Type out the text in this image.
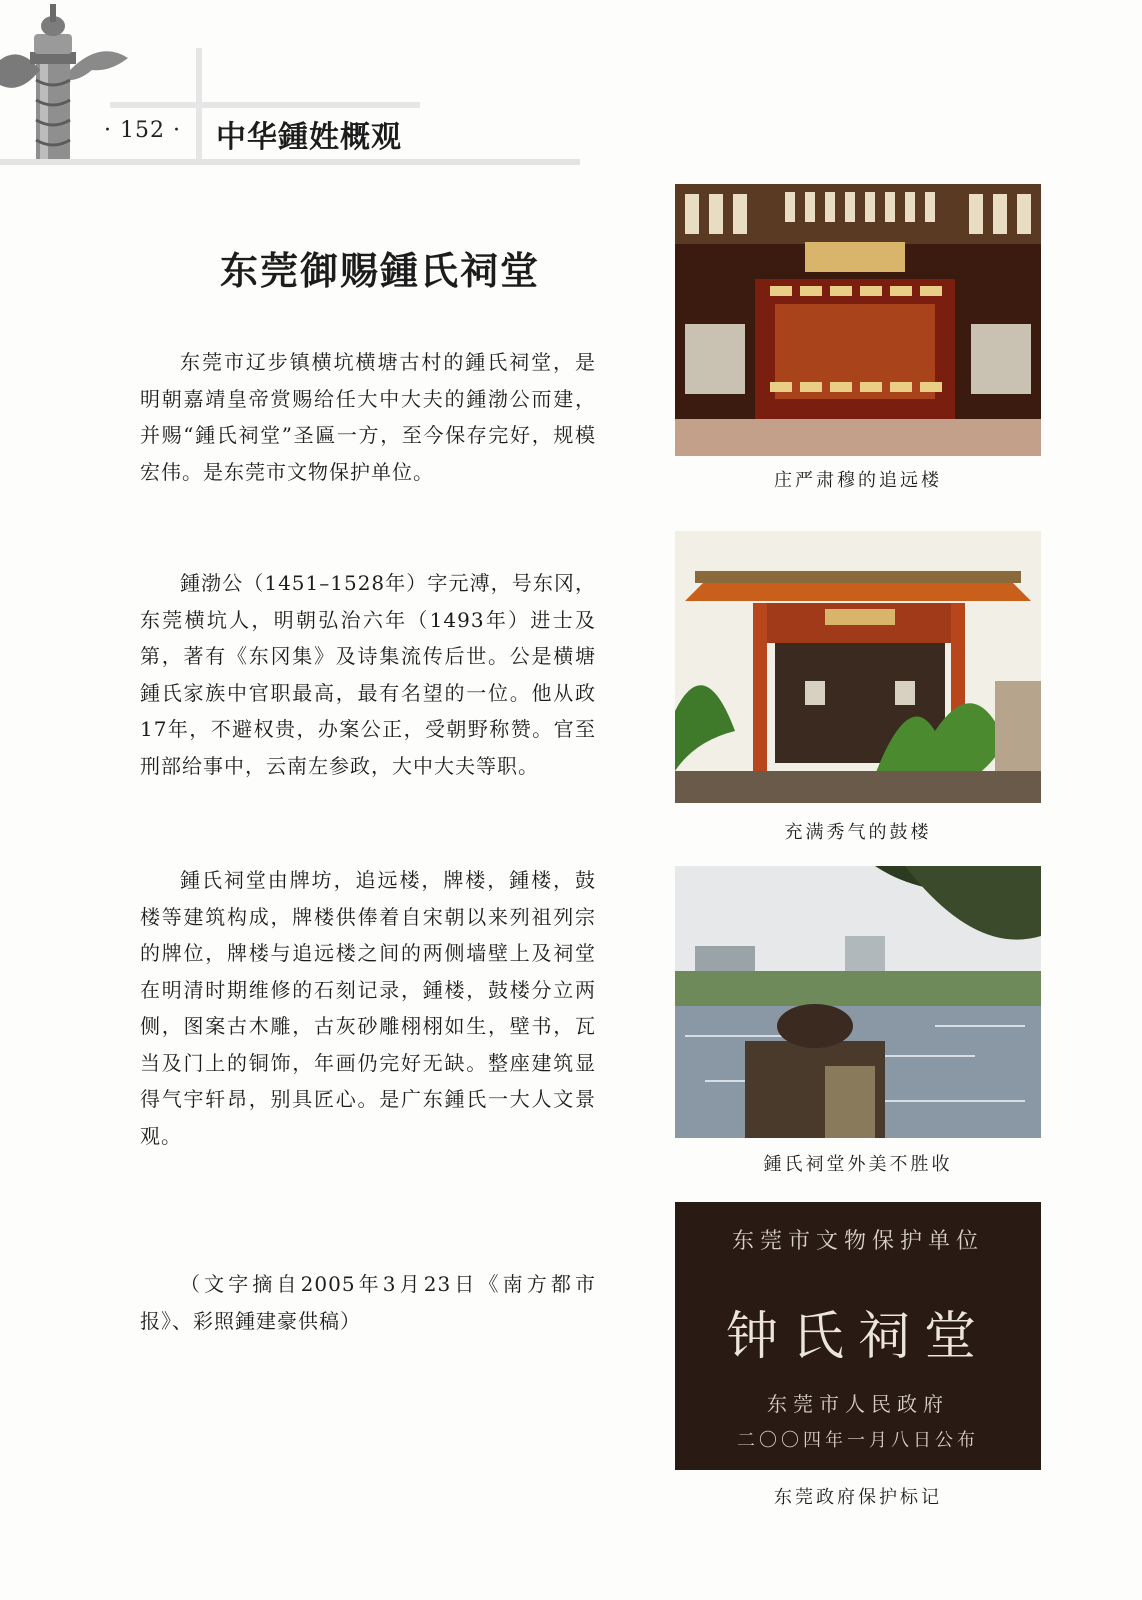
· 152 · 中华鍾姓概观
东莞御赐鍾氏祠堂

东莞市辽步镇横坑横塘古村的鍾氏祠堂，是明朝嘉靖皇帝赏赐给任大中大夫的鍾渤公而建，并赐“鍾氏祠堂”圣匾一方，至今保存完好，规模宏伟。是东莞市文物保护单位。

鍾渤公（1451–1528年）字元溥，号东冈，东莞横坑人，明朝弘治六年（1493年）进士及第，著有《东冈集》及诗集流传后世。公是横塘鍾氏家族中官职最高，最有名望的一位。他从政17年，不避权贵，办案公正，受朝野称赞。官至刑部给事中，云南左参政，大中大夫等职。

鍾氏祠堂由牌坊，追远楼，牌楼，鍾楼，鼓楼等建筑构成，牌楼供俸着自宋朝以来列祖列宗的牌位，牌楼与追远楼之间的两侧墙壁上及祠堂在明清时期维修的石刻记录，鍾楼，鼓楼分立两侧，图案古木雕，古灰砂雕栩栩如生，壁书，瓦当及门上的铜饰，年画仍完好无缺。整座建筑显得气宇轩昂，别具匠心。是广东鍾氏一大人文景观。

（文字摘自2005年3月23日《南方都市报》、彩照鍾建豪供稿）

庄严肃穆的追远楼
充满秀气的鼓楼
鍾氏祠堂外美不胜收
东莞市文物保护单位
钟氏祠堂
东莞市人民政府
二〇〇四年一月八日公布
东莞政府保护标记
